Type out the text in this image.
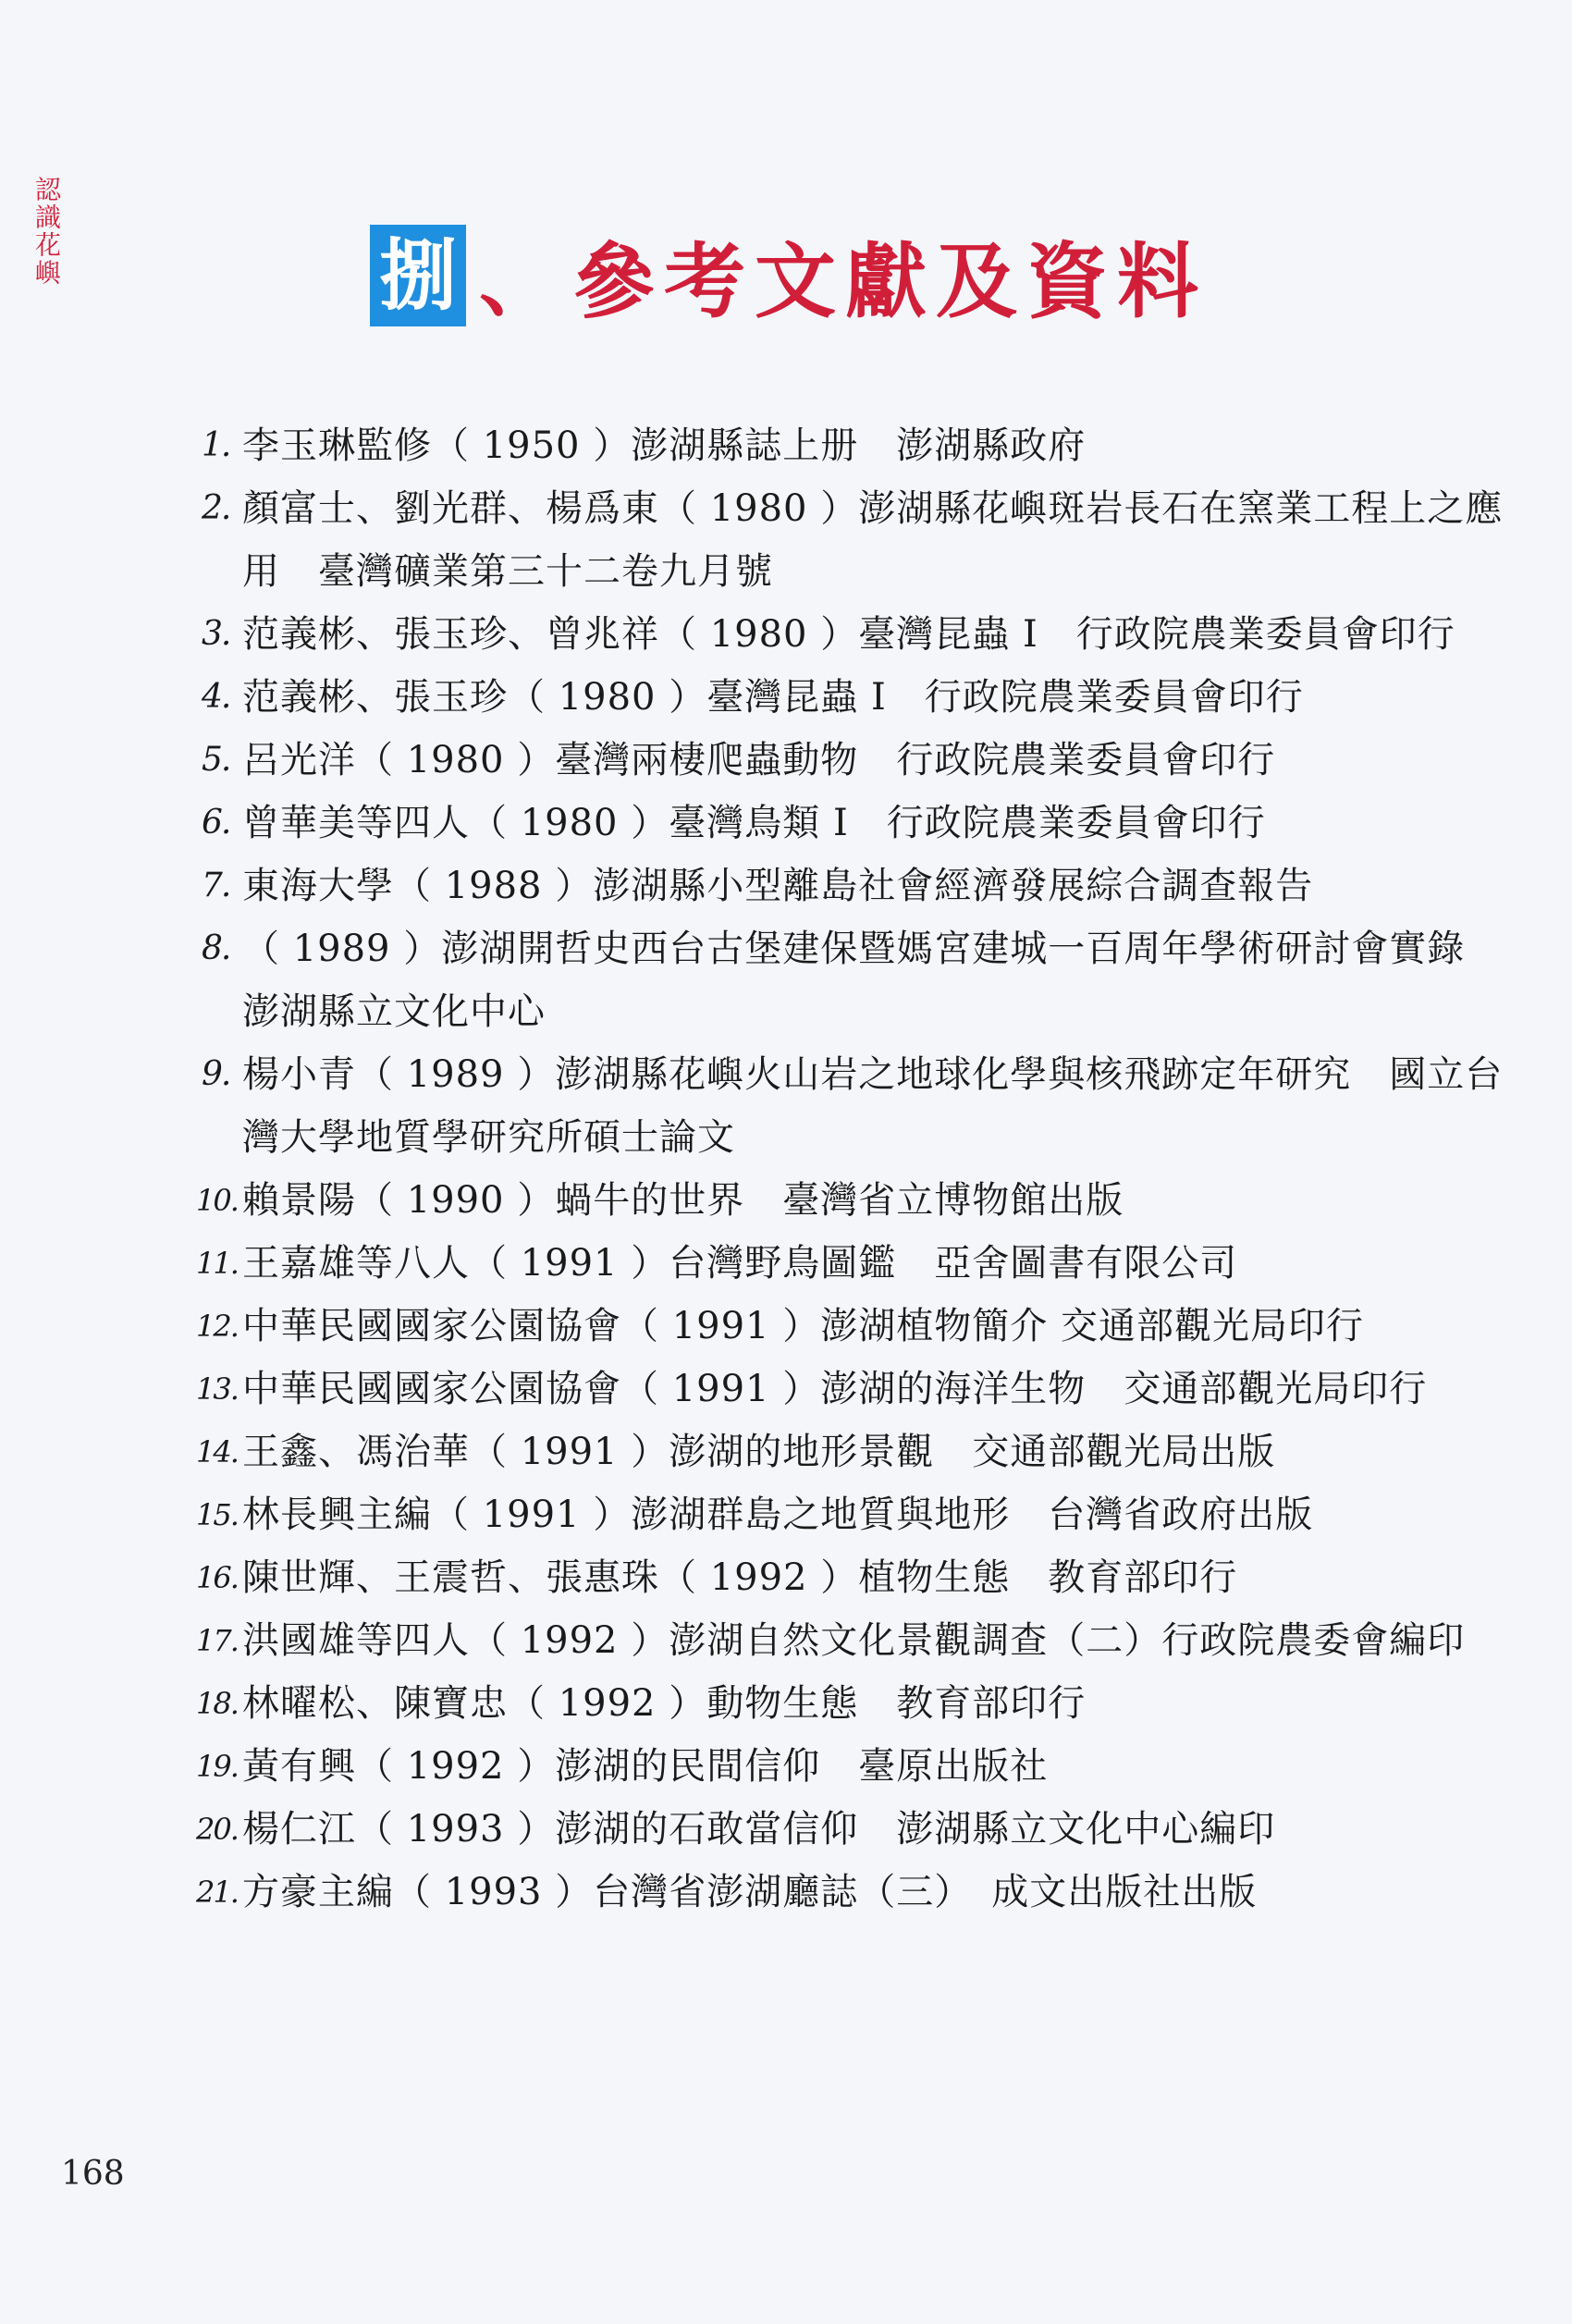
認識花嶼	捌 、 參考文獻及資料
1. 李玉琳監修（ 1950 ）澎湖縣誌上册　澎湖縣政府
2. 顏富士、劉光群、楊爲東（ 1980 ）澎湖縣花嶼斑岩長石在窯業工程上之應用　臺灣礦業第三十二卷九月號
3. 范義彬、張玉珍、曾兆祥（ 1980 ）臺灣昆蟲 I　行政院農業委員會印行
4. 范義彬、張玉珍（ 1980 ）臺灣昆蟲 I　行政院農業委員會印行
5. 呂光洋（ 1980 ）臺灣兩棲爬蟲動物　行政院農業委員會印行
6. 曾華美等四人（ 1980 ）臺灣鳥類 I　行政院農業委員會印行
7. 東海大學（ 1988 ）澎湖縣小型離島社會經濟發展綜合調查報告
8. （ 1989 ）澎湖開哲史西台古堡建保暨媽宮建城一百周年學術研討會實錄　澎湖縣立文化中心
9. 楊小青（ 1989 ）澎湖縣花嶼火山岩之地球化學與核飛跡定年研究　國立台灣大學地質學研究所碩士論文
10. 賴景陽（ 1990 ）蝸牛的世界　臺灣省立博物館出版
11. 王嘉雄等八人（ 1991 ）台灣野鳥圖鑑　亞舍圖書有限公司
12. 中華民國國家公園協會（ 1991 ）澎湖植物簡介 交通部觀光局印行
13. 中華民國國家公園協會（ 1991 ）澎湖的海洋生物　交通部觀光局印行
14. 王鑫、馮治華（ 1991 ）澎湖的地形景觀　交通部觀光局出版
15. 林長興主編（ 1991 ）澎湖群島之地質與地形　台灣省政府出版
16. 陳世輝、王震哲、張惠珠（ 1992 ）植物生態　教育部印行
17. 洪國雄等四人（ 1992 ）澎湖自然文化景觀調查（二）行政院農委會編印
18. 林曜松、陳寶忠（ 1992 ）動物生態　教育部印行
19. 黃有興（ 1992 ）澎湖的民間信仰　臺原出版社
20. 楊仁江（ 1993 ）澎湖的石敢當信仰　澎湖縣立文化中心編印
21. 方豪主編（ 1993 ）台灣省澎湖廳誌（三）　成文出版社出版
168
